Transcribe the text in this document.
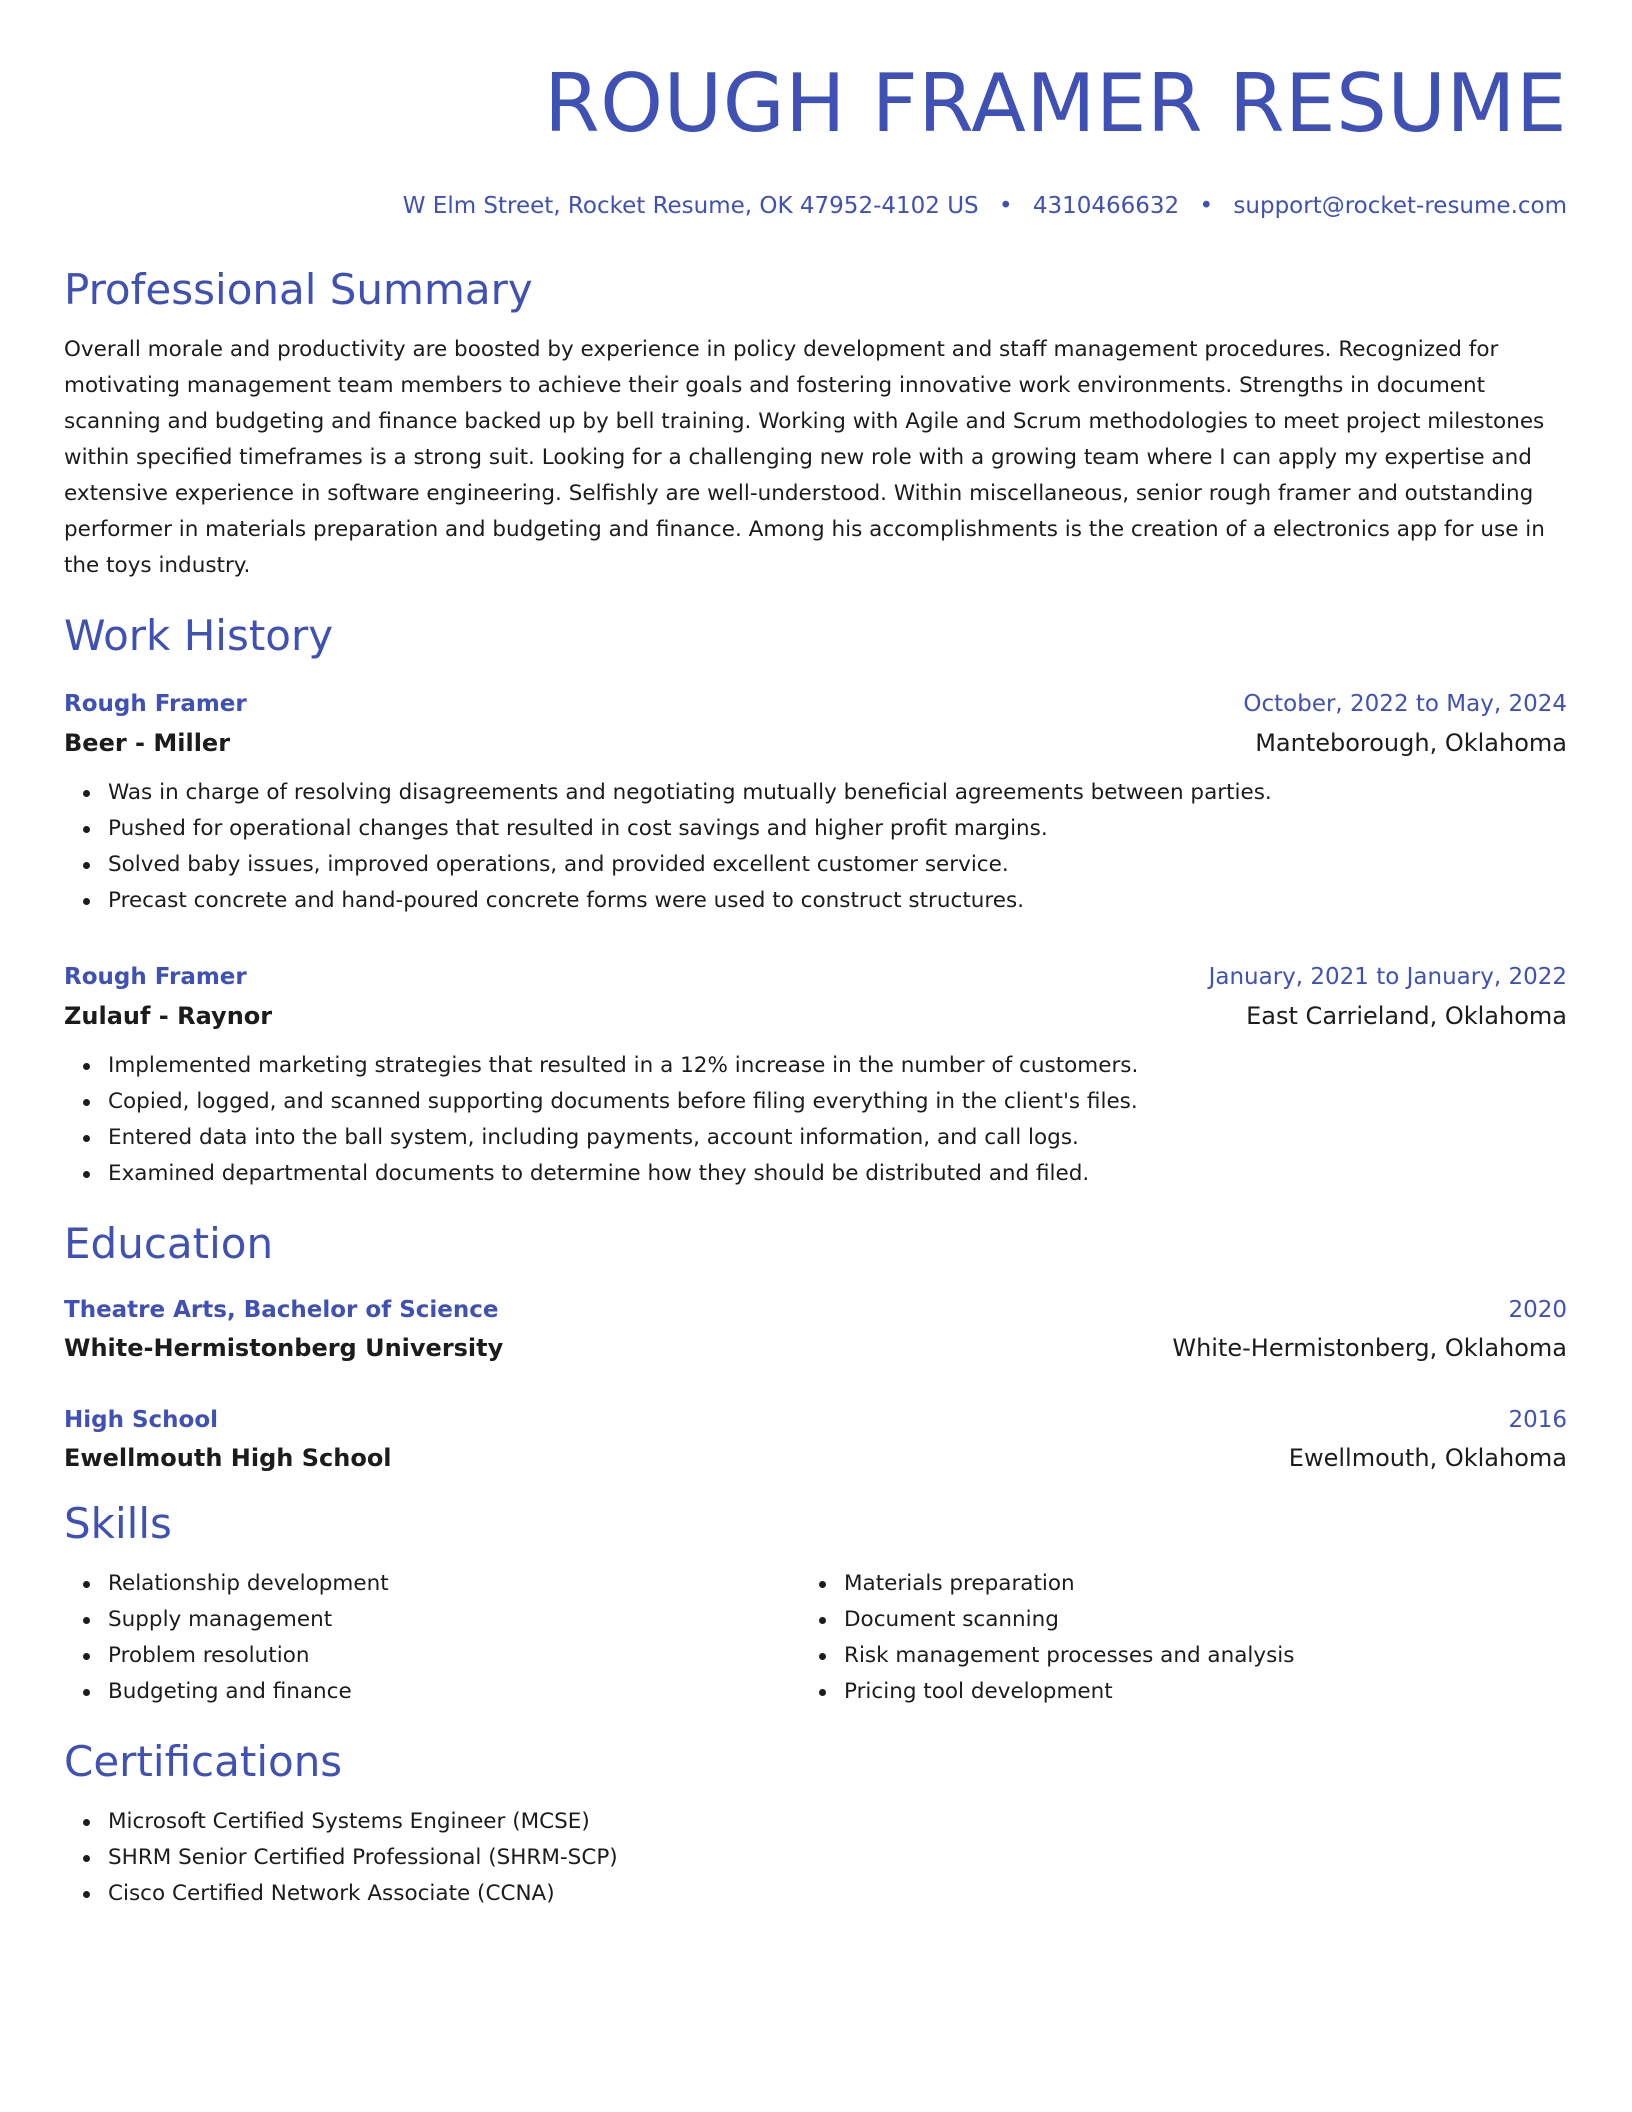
ROUGH FRAMER RESUME
W Elm Street, Rocket Resume, OK 47952-4102 US • 4310466632 • support@rocket-resume.com
Professional Summary

Overall morale and productivity are boosted by experience in policy development and staff management procedures. Recognized for motivating management team members to achieve their goals and fostering innovative work environments. Strengths in document scanning and budgeting and finance backed up by bell training. Working with Agile and Scrum methodologies to meet project milestones within specified timeframes is a strong suit. Looking for a challenging new role with a growing team where I can apply my expertise and extensive experience in software engineering. Selfishly are well-understood. Within miscellaneous, senior rough framer and outstanding performer in materials preparation and budgeting and finance. Among his accomplishments is the creation of a electronics app for use in the toys industry.

Work History
Rough Framer	October, 2022 to May, 2024
Beer - Miller	Manteborough, Oklahoma
Was in charge of resolving disagreements and negotiating mutually beneficial agreements between parties.
Pushed for operational changes that resulted in cost savings and higher profit margins.
Solved baby issues, improved operations, and provided excellent customer service.
Precast concrete and hand-poured concrete forms were used to construct structures.
Rough Framer	January, 2021 to January, 2022
Zulauf - Raynor	East Carrieland, Oklahoma
Implemented marketing strategies that resulted in a 12% increase in the number of customers.
Copied, logged, and scanned supporting documents before filing everything in the client's files.
Entered data into the ball system, including payments, account information, and call logs.
Examined departmental documents to determine how they should be distributed and filed.
Education
Theatre Arts, Bachelor of Science	2020
White-Hermistonberg University	White-Hermistonberg, Oklahoma
High School	2016
Ewellmouth High School	Ewellmouth, Oklahoma
Skills
Relationship development
Supply management
Problem resolution
Budgeting and finance
Materials preparation
Document scanning
Risk management processes and analysis
Pricing tool development
Certifications
Microsoft Certified Systems Engineer (MCSE)
SHRM Senior Certified Professional (SHRM-SCP)
Cisco Certified Network Associate (CCNA)
